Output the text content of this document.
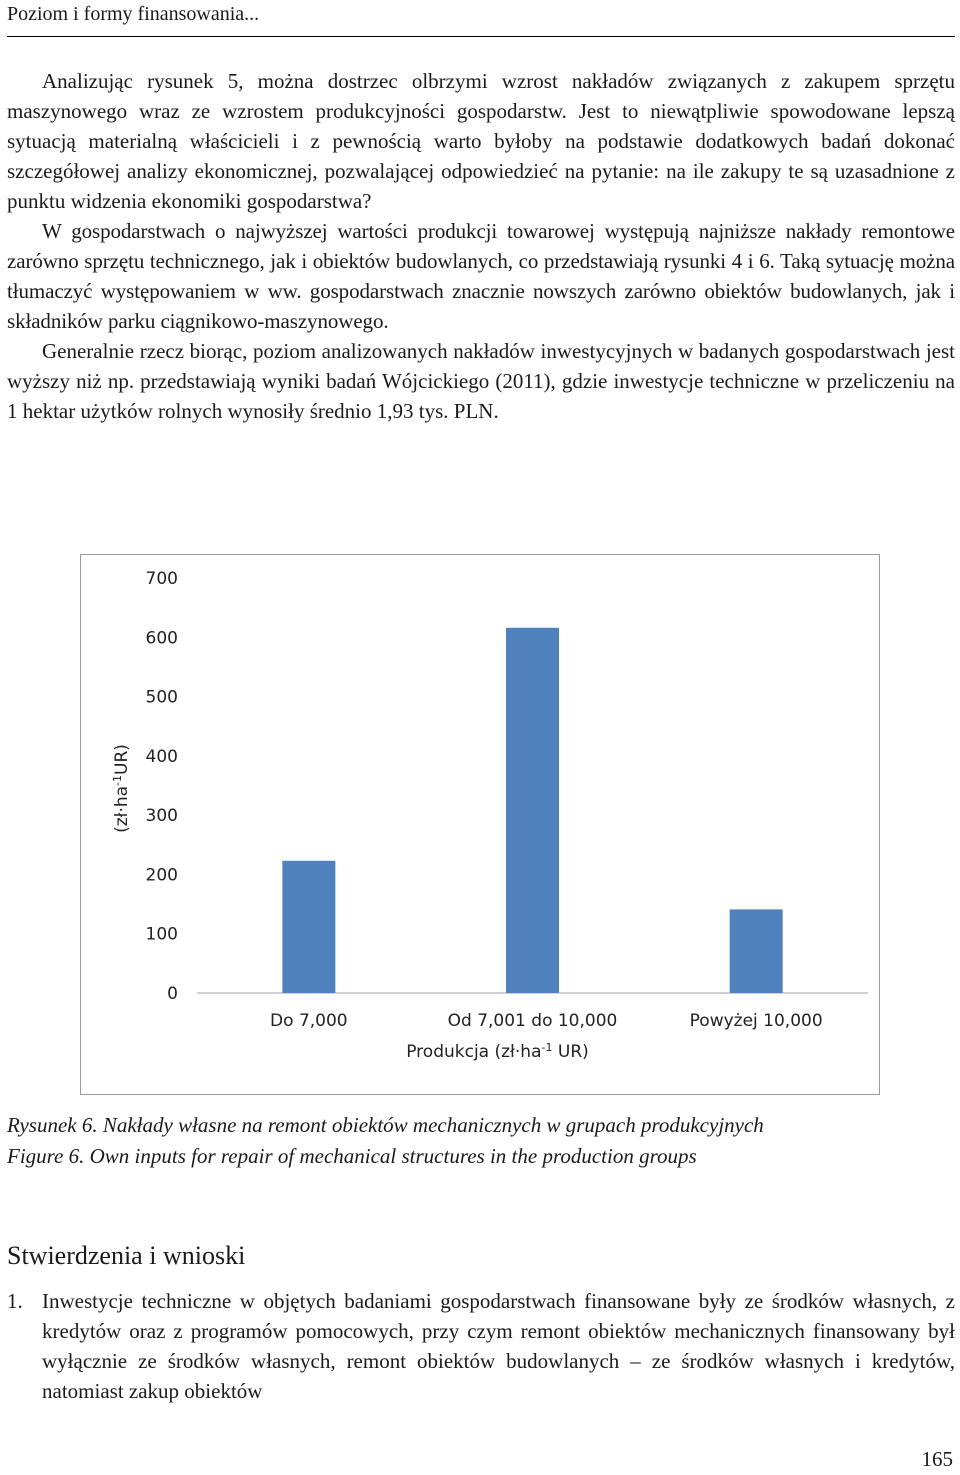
Poziom i formy finansowania...

Analizując rysunek 5, można dostrzec olbrzymi wzrost nakładów związanych z zakupem sprzętu maszynowego wraz ze wzrostem produkcyjności gospodarstw. Jest to niewątpliwie spowodowane lepszą sytuacją materialną właścicieli i z pewnością warto byłoby na podstawie dodatkowych badań dokonać szczegółowej analizy ekonomicznej, pozwalającej odpowiedzieć na pytanie: na ile zakupy te są uzasadnione z punktu widzenia ekonomiki gospodarstwa?

W gospodarstwach o najwyższej wartości produkcji towarowej występują najniższe nakłady remontowe zarówno sprzętu technicznego, jak i obiektów budowlanych, co przedstawiają rysunki 4 i 6. Taką sytuację można tłumaczyć występowaniem w ww. gospodarstwach znacznie nowszych zarówno obiektów budowlanych, jak i składników parku ciągnikowo-maszynowego.

Generalnie rzecz biorąc, poziom analizowanych nakładów inwestycyjnych w badanych gospodarstwach jest wyższy niż np. przedstawiają wyniki badań Wójcickiego (2011), gdzie inwestycje techniczne w przeliczeniu na 1 hektar użytków rolnych wynosiły średnio 1,93 tys. PLN.

0
100
200
300
400
500
600
700
Do 7,000	Od 7,001 do 10,000	Powyżej 10,000
$(zł\cdot ha^{-1}UR)$
Produkcja ($zł\cdot ha^{-1}$ UR)
Rysunek 6. Nakłady własne na remont obiektów mechanicznych w grupach produkcyjnych
Figure 6. Own inputs for repair of mechanical structures in the production groups
Stwierdzenia i wnioski
1. Inwestycje techniczne w objętych badaniami gospodarstwach finansowane były ze środków własnych, z kredytów oraz z programów pomocowych, przy czym remont obiektów mechanicznych finansowany był wyłącznie ze środków własnych, remont obiektów budowlanych – ze środków własnych i kredytów, natomiast zakup obiektów
165
